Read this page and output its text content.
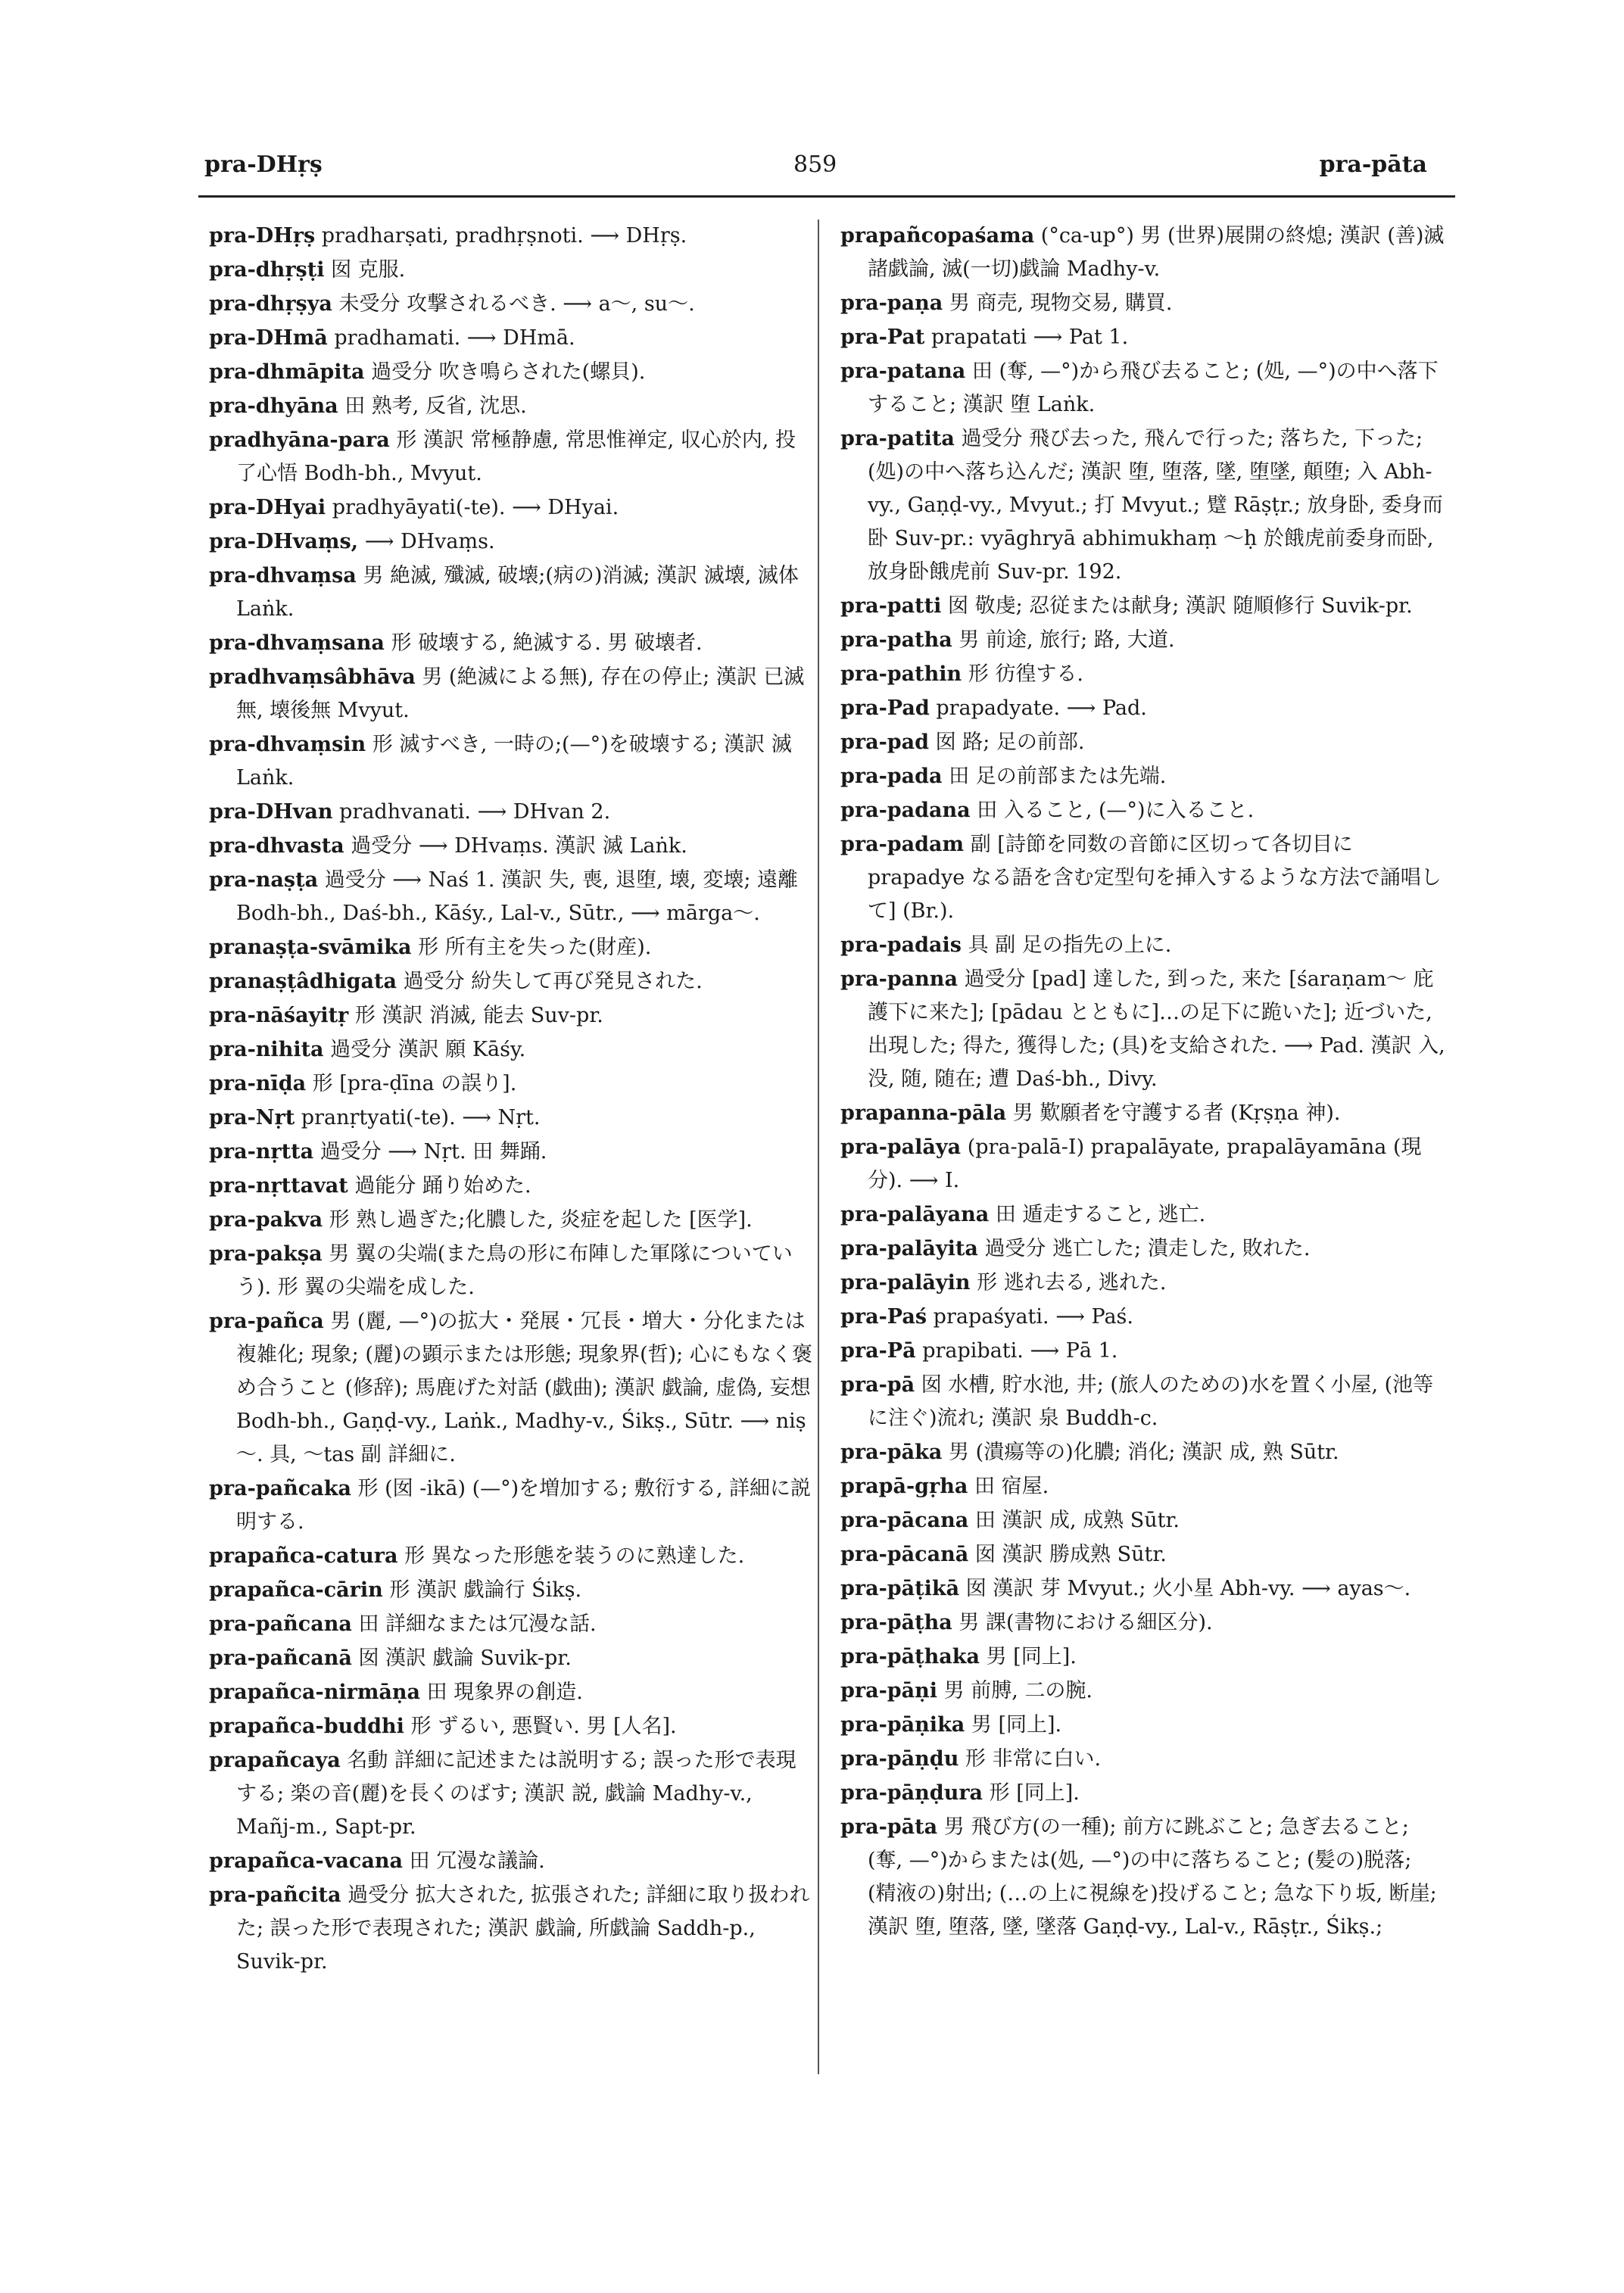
pra-DHṛṣ	859	pra-pāta
pra-DHṛṣ pradharṣati, pradhṛṣnoti. ⟶ DHṛṣ.
pra-dhṛṣṭi 囡 克服.
pra-dhṛṣya 未受分 攻撃されるべき. ⟶ a～, su～.
pra-DHmā pradhamati. ⟶ DHmā.
pra-dhmāpita 過受分 吹き鳴らされた(螺貝).
pra-dhyāna 田 熟考, 反省, 沈思.
pradhyāna-para 形 漢訳 常極静慮, 常思惟禅定, 収心於内, 投了心悟 Bodh-bh., Mvyut.
pra-DHyai pradhyāyati(-te). ⟶ DHyai.
pra-DHvaṃs, ⟶ DHvaṃs.
pra-dhvaṃsa 男 絶滅, 殲滅, 破壊;(病の)消滅; 漢訳 滅壊, 滅体 Laṅk.
pra-dhvaṃsana 形 破壊する, 絶滅する. 男 破壊者.
pradhvaṃsâbhāva 男 (絶滅による無), 存在の停止; 漢訳 已滅無, 壊後無 Mvyut.
pra-dhvaṃsin 形 滅すべき, 一時の;(—°)を破壊する; 漢訳 滅 Laṅk.
pra-DHvan pradhvanati. ⟶ DHvan 2.
pra-dhvasta 過受分 ⟶ DHvaṃs. 漢訳 滅 Laṅk.
pra-naṣṭa 過受分 ⟶ Naś 1. 漢訳 失, 喪, 退堕, 壊, 変壊; 遠離 Bodh-bh., Daś-bh., Kāśy., Lal-v., Sūtr., ⟶ mārga～.
pranaṣṭa-svāmika 形 所有主を失った(財産).
pranaṣṭâdhigata 過受分 紛失して再び発見された.
pra-nāśayitṛ 形 漢訳 消滅, 能去 Suv-pr.
pra-nihita 過受分 漢訳 願 Kāśy.
pra-nīḍa 形 [pra-ḍīna の誤り].
pra-Nṛt pranṛtyati(-te). ⟶ Nṛt.
pra-nṛtta 過受分 ⟶ Nṛt. 田 舞踊.
pra-nṛttavat 過能分 踊り始めた.
pra-pakva 形 熟し過ぎた;化膿した, 炎症を起した [医学].
pra-pakṣa 男 翼の尖端(また鳥の形に布陣した軍隊についていう). 形 翼の尖端を成した.
pra-pañca 男 (麗, —°)の拡大・発展・冗長・増大・分化または複雑化; 現象; (麗)の顕示または形態; 現象界(哲); 心にもなく褒め合うこと (修辞); 馬鹿げた対話 (戯曲); 漢訳 戯論, 虚偽, 妄想 Bodh-bh., Gaṇḍ-vy., Laṅk., Madhy-v., Śikṣ., Sūtr. ⟶ niṣ～. 具, ～tas 副 詳細に.
pra-pañcaka 形 (囡 -ikā) (—°)を増加する; 敷衍する, 詳細に説明する.
prapañca-catura 形 異なった形態を装うのに熟達した.
prapañca-cārin 形 漢訳 戯論行 Śikṣ.
pra-pañcana 田 詳細なまたは冗漫な話.
pra-pañcanā 囡 漢訳 戯論 Suvik-pr.
prapañca-nirmāṇa 田 現象界の創造.
prapañca-buddhi 形 ずるい, 悪賢い. 男 [人名].
prapañcaya 名動 詳細に記述または説明する; 誤った形で表現する; 楽の音(麗)を長くのばす; 漢訳 説, 戯論 Madhy-v., Mañj-m., Sapt-pr.
prapañca-vacana 田 冗漫な議論.
pra-pañcita 過受分 拡大された, 拡張された; 詳細に取り扱われた; 誤った形で表現された; 漢訳 戯論, 所戯論 Saddh-p., Suvik-pr.
prapañcopaśama (°ca-up°) 男 (世界)展開の終熄; 漢訳 (善)滅諸戯論, 滅(一切)戯論 Madhy-v.
pra-paṇa 男 商売, 現物交易, 購買.
pra-Pat prapatati ⟶ Pat 1.
pra-patana 田 (奪, —°)から飛び去ること; (処, —°)の中へ落下すること; 漢訳 堕 Laṅk.
pra-patita 過受分 飛び去った, 飛んで行った; 落ちた, 下った; (処)の中へ落ち込んだ; 漢訳 堕, 堕落, 墜, 堕墜, 顛堕; 入 Abh-vy., Gaṇḍ-vy., Mvyut.; 打 Mvyut.; 躄 Rāṣṭr.; 放身卧, 委身而卧 Suv-pr.: vyāghryā abhimukhaṃ ～ḥ 於餓虎前委身而卧, 放身卧餓虎前 Suv-pr. 192.
pra-patti 囡 敬虔; 忍従または献身; 漢訳 随順修行 Suvik-pr.
pra-patha 男 前途, 旅行; 路, 大道.
pra-pathin 形 彷徨する.
pra-Pad prapadyate. ⟶ Pad.
pra-pad 囡 路; 足の前部.
pra-pada 田 足の前部または先端.
pra-padana 田 入ること, (—°)に入ること.
pra-padam 副 [詩節を同数の音節に区切って各切目に prapadye なる語を含む定型句を挿入するような方法で誦唱して] (Br.).
pra-padais 具 副 足の指先の上に.
pra-panna 過受分 [pad] 達した, 到った, 来た [śaraṇam～ 庇護下に来た]; [pādau とともに]…の足下に跪いた]; 近づいた, 出現した; 得た, 獲得した; (具)を支給された. ⟶ Pad. 漢訳 入, 没, 随, 随在; 遭 Daś-bh., Divy.
prapanna-pāla 男 歎願者を守護する者 (Kṛṣṇa 神).
pra-palāya (pra-palā-I) prapalāyate, prapalāyamāna (現分). ⟶ I.
pra-palāyana 田 遁走すること, 逃亡.
pra-palāyita 過受分 逃亡した; 潰走した, 敗れた.
pra-palāyin 形 逃れ去る, 逃れた.
pra-Paś prapaśyati. ⟶ Paś.
pra-Pā prapibati. ⟶ Pā 1.
pra-pā 囡 水槽, 貯水池, 井; (旅人のための)水を置く小屋, (池等に注ぐ)流れ; 漢訳 泉 Buddh-c.
pra-pāka 男 (潰瘍等の)化膿; 消化; 漢訳 成, 熟 Sūtr.
prapā-gṛha 田 宿屋.
pra-pācana 田 漢訳 成, 成熟 Sūtr.
pra-pācanā 囡 漢訳 勝成熟 Sūtr.
pra-pāṭikā 囡 漢訳 芽 Mvyut.; 火小星 Abh-vy. ⟶ ayas～.
pra-pāṭha 男 課(書物における細区分).
pra-pāṭhaka 男 [同上].
pra-pāṇi 男 前膊, 二の腕.
pra-pāṇika 男 [同上].
pra-pāṇḍu 形 非常に白い.
pra-pāṇḍura 形 [同上].
pra-pāta 男 飛び方(の一種); 前方に跳ぶこと; 急ぎ去ること; (奪, —°)からまたは(処, —°)の中に落ちること; (髪の)脱落; (精液の)射出; (…の上に視線を)投げること; 急な下り坂, 断崖; 漢訳 堕, 堕落, 墜, 墜落 Gaṇḍ-vy., Lal-v., Rāṣṭr., Śikṣ.;
